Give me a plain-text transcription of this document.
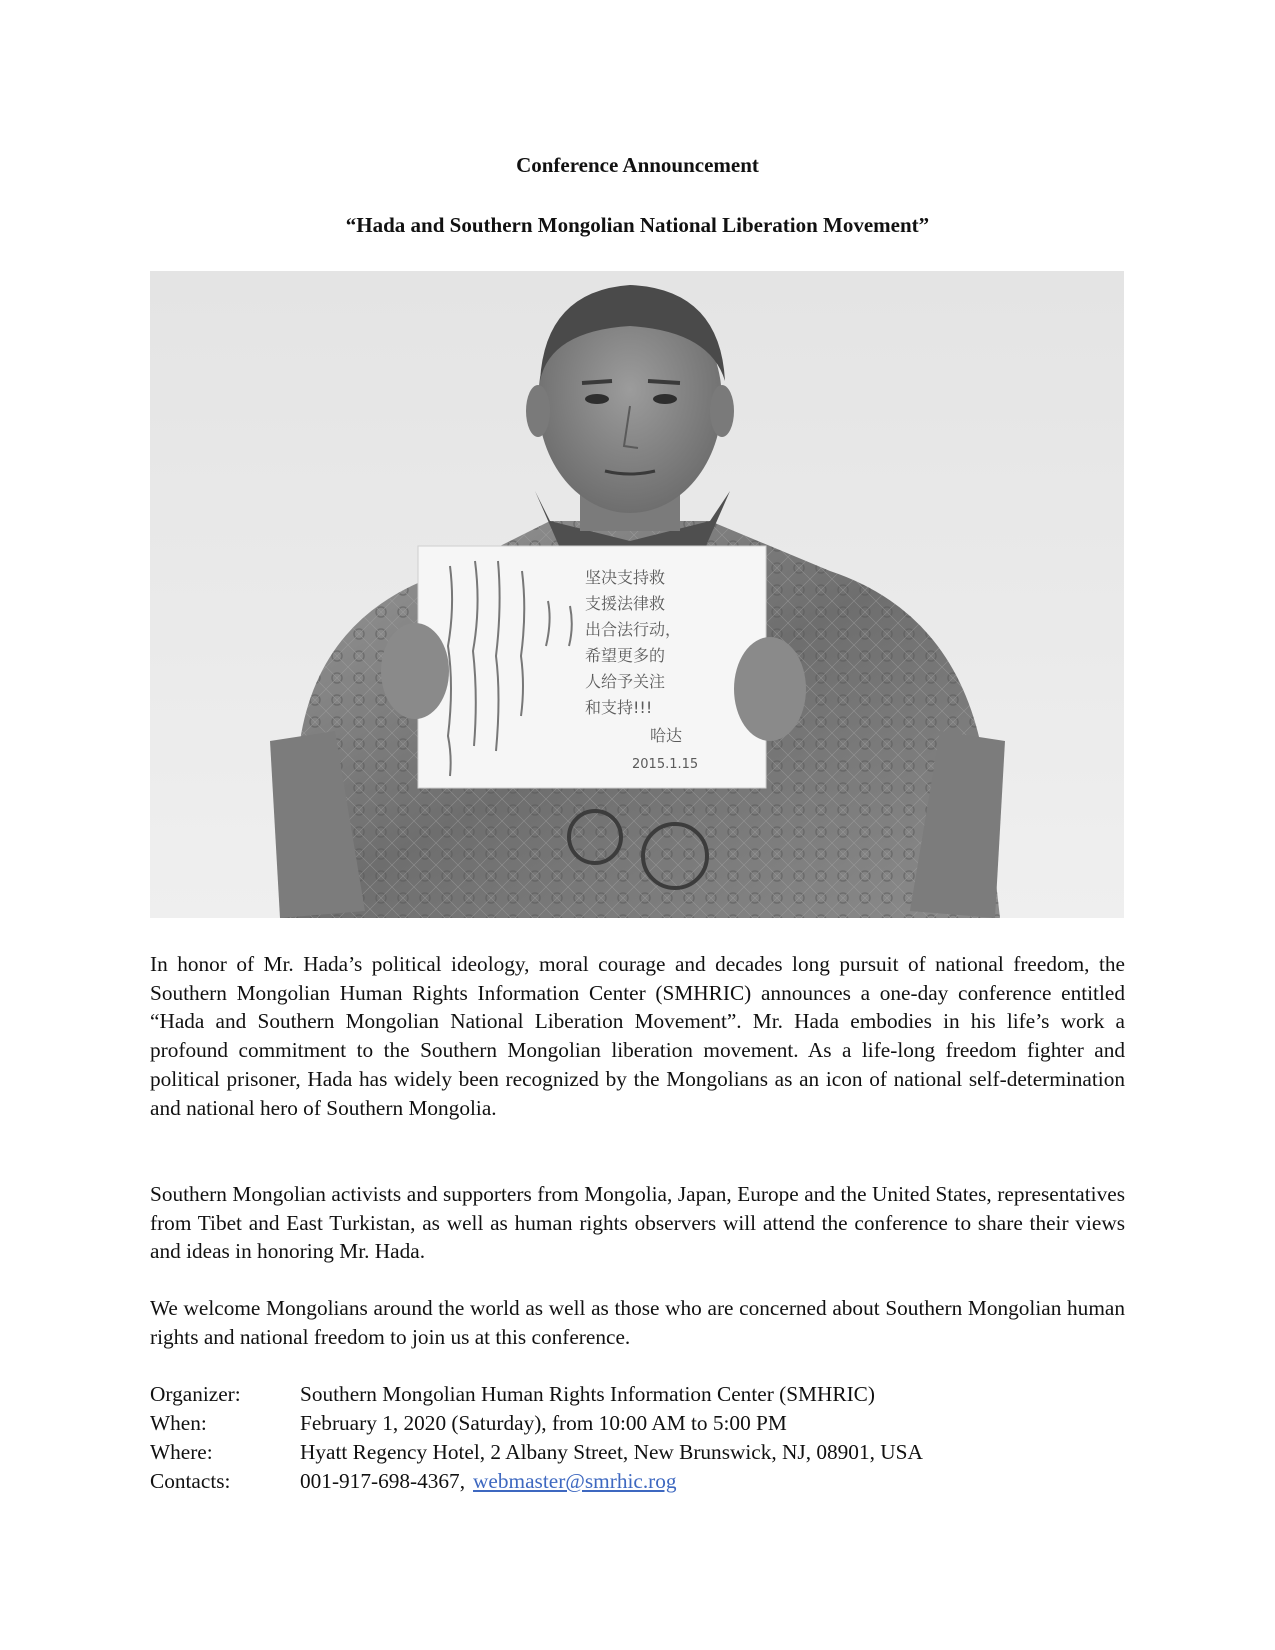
Conference Announcement
“Hada and Southern Mongolian National Liberation Movement”
坚决支持救
支援法律救
出合法行动，
希望更多的
人给予关注
和支持!!!
哈达
2015.1.15

In honor of Mr. Hada’s political ideology, moral courage and decades long pursuit of national freedom, the Southern Mongolian Human Rights Information Center (SMHRIC) announces a one-day conference entitled “Hada and Southern Mongolian National Liberation Movement”. Mr. Hada embodies in his life’s work a profound commitment to the Southern Mongolian liberation movement. As a life-long freedom fighter and political prisoner, Hada has widely been recognized by the Mongolians as an icon of national self-determination and national hero of Southern Mongolia.

Southern Mongolian activists and supporters from Mongolia, Japan, Europe and the United States, representatives from Tibet and East Turkistan, as well as human rights observers will attend the conference to share their views and ideas in honoring Mr. Hada.

We welcome Mongolians around the world as well as those who are concerned about Southern Mongolian human rights and national freedom to join us at this conference.

Organizer:	Southern Mongolian Human Rights Information Center (SMHRIC)
When:	February 1, 2020 (Saturday), from 10:00 AM to 5:00 PM
Where:	Hyatt Regency Hotel, 2 Albany Street, New Brunswick, NJ, 08901, USA
Contacts:	001-917-698-4367, webmaster@smrhic.rog
